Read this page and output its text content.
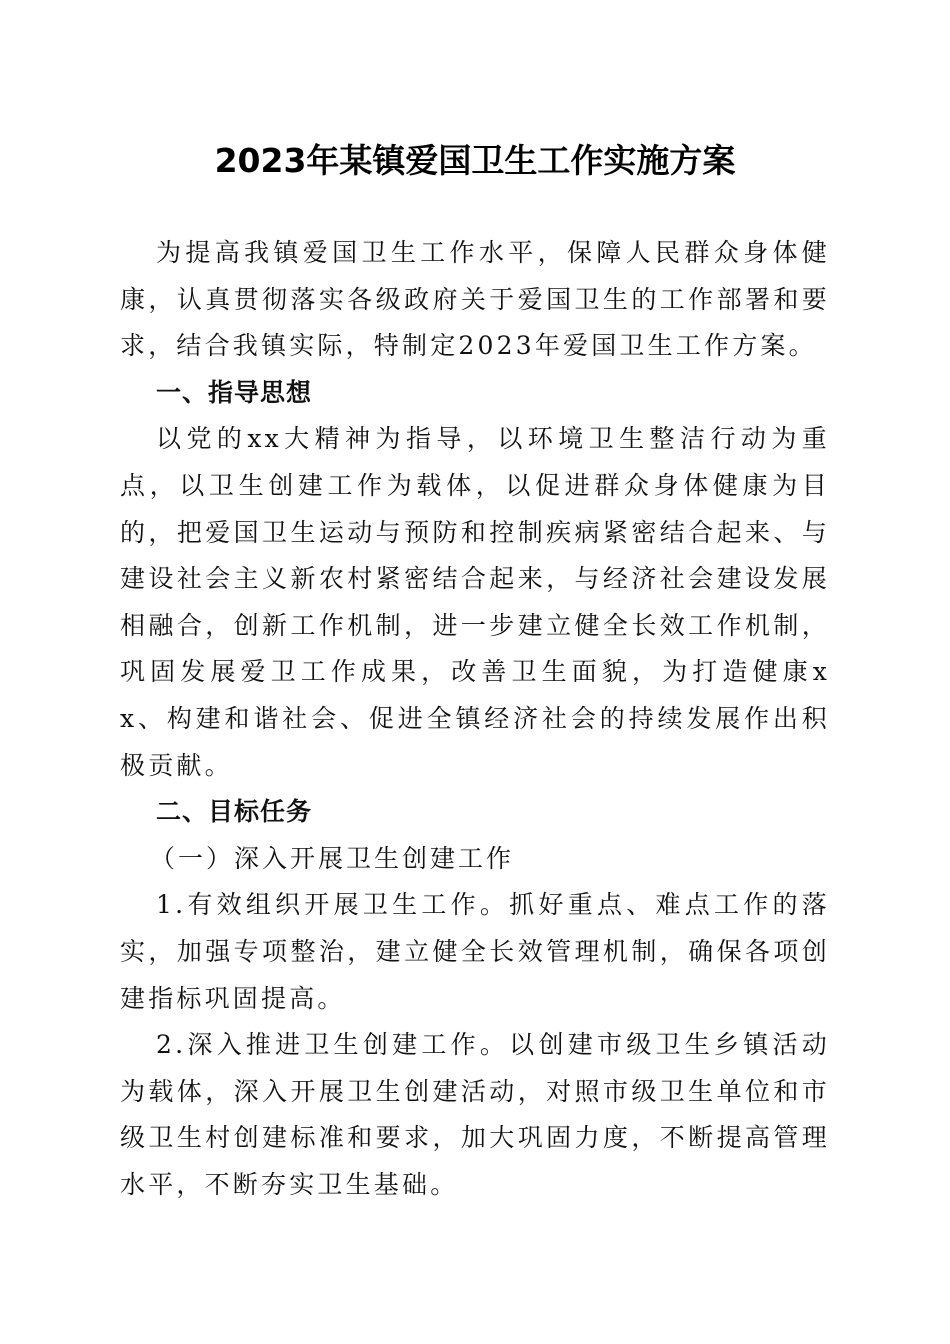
2023年某镇爱国卫生工作实施方案

为提高我镇爱国卫生工作水平，保障人民群众身体健康，认真贯彻落实各级政府关于爱国卫生的工作部署和要求，结合我镇实际，特制定2023年爱国卫生工作方案。

一、指导思想

以党的xx大精神为指导，以环境卫生整洁行动为重点，以卫生创建工作为载体，以促进群众身体健康为目的，把爱国卫生运动与预防和控制疾病紧密结合起来、与建设社会主义新农村紧密结合起来，与经济社会建设发展相融合，创新工作机制，进一步建立健全长效工作机制，巩固发展爱卫工作成果，改善卫生面貌，为打造健康xx、构建和谐社会、促进全镇经济社会的持续发展作出积极贡献。

二、目标任务

（一）深入开展卫生创建工作

1.有效组织开展卫生工作。抓好重点、难点工作的落实，加强专项整治，建立健全长效管理机制，确保各项创建指标巩固提高。

2.深入推进卫生创建工作。以创建市级卫生乡镇活动为载体，深入开展卫生创建活动，对照市级卫生单位和市级卫生村创建标准和要求，加大巩固力度，不断提高管理水平，不断夯实卫生基础。
